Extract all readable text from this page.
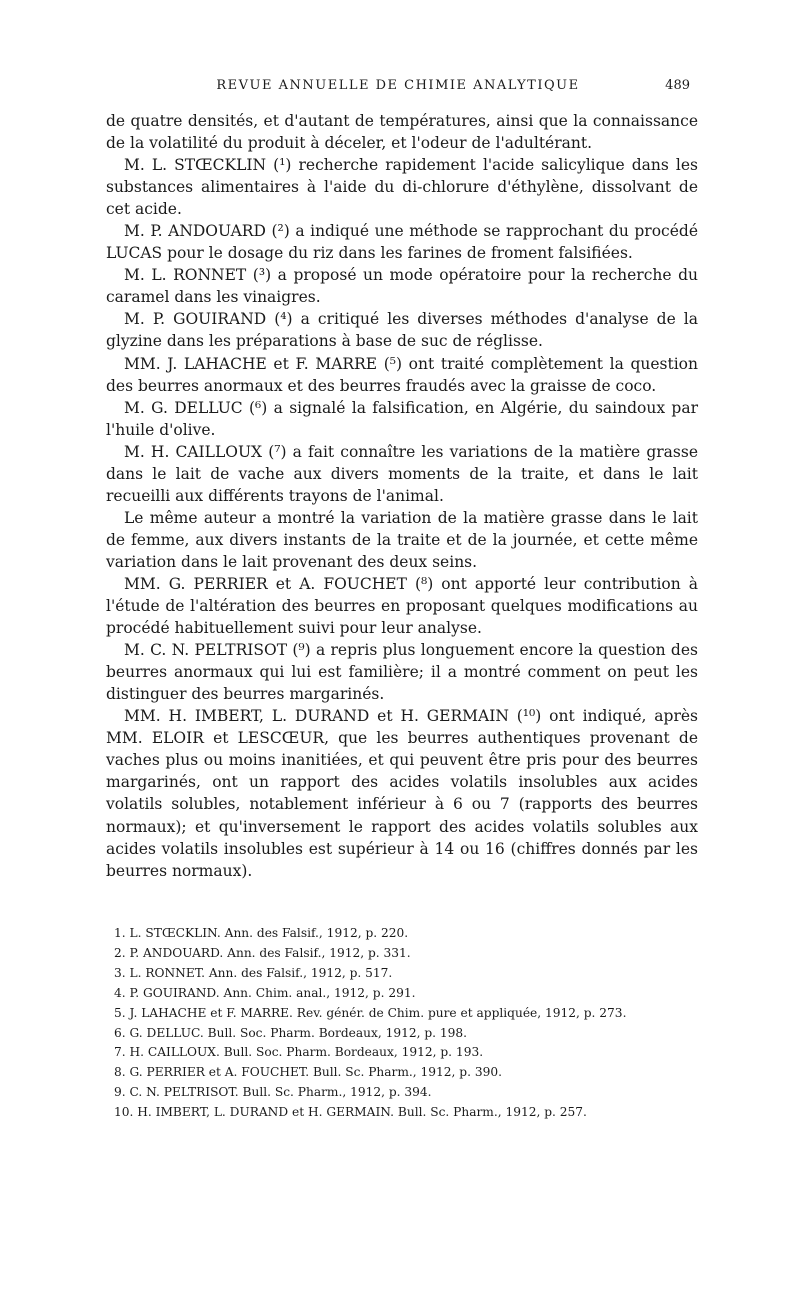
REVUE ANNUELLE DE CHIMIE ANALYTIQUE	489

de quatre densités, et d'autant de températures, ainsi que la connaissance de la volatilité du produit à déceler, et l'odeur de l'adultérant.

M. L. STŒCKLIN (¹) recherche rapidement l'acide salicylique dans les substances alimentaires à l'aide du di-chlorure d'éthylène, dissolvant de cet acide.

M. P. ANDOUARD (²) a indiqué une méthode se rapprochant du procédé LUCAS pour le dosage du riz dans les farines de froment falsifiées.

M. L. RONNET (³) a proposé un mode opératoire pour la recherche du caramel dans les vinaigres.

M. P. GOUIRAND (⁴) a critiqué les diverses méthodes d'analyse de la glyzine dans les préparations à base de suc de réglisse.

MM. J. LAHACHE et F. MARRE (⁵) ont traité complètement la question des beurres anormaux et des beurres fraudés avec la graisse de coco.

M. G. DELLUC (⁶) a signalé la falsification, en Algérie, du saindoux par l'huile d'olive.

M. H. CAILLOUX (⁷) a fait connaître les variations de la matière grasse dans le lait de vache aux divers moments de la traite, et dans le lait recueilli aux différents trayons de l'animal.

Le même auteur a montré la variation de la matière grasse dans le lait de femme, aux divers instants de la traite et de la journée, et cette même variation dans le lait provenant des deux seins.

MM. G. PERRIER et A. FOUCHET (⁸) ont apporté leur contribution à l'étude de l'altération des beurres en proposant quelques modifications au procédé habituellement suivi pour leur analyse.

M. C. N. PELTRISOT (⁹) a repris plus longuement encore la question des beurres anormaux qui lui est familière; il a montré comment on peut les distinguer des beurres margarinés.

MM. H. IMBERT, L. DURAND et H. GERMAIN (¹⁰) ont indiqué, après MM. ELOIR et LESCŒUR, que les beurres authentiques provenant de vaches plus ou moins inanitiées, et qui peuvent être pris pour des beurres margarinés, ont un rapport des acides volatils insolubles aux acides volatils solubles, notablement inférieur à 6 ou 7 (rapports des beurres normaux); et qu'inversement le rapport des acides volatils solubles aux acides volatils insolubles est supérieur à 14 ou 16 (chiffres donnés par les beurres normaux).

1. L. STŒCKLIN. Ann. des Falsif., 1912, p. 220.
2. P. ANDOUARD. Ann. des Falsif., 1912, p. 331.
3. L. RONNET. Ann. des Falsif., 1912, p. 517.
4. P. GOUIRAND. Ann. Chim. anal., 1912, p. 291.
5. J. LAHACHE et F. MARRE. Rev. génér. de Chim. pure et appliquée, 1912, p. 273.
6. G. DELLUC. Bull. Soc. Pharm. Bordeaux, 1912, p. 198.
7. H. CAILLOUX. Bull. Soc. Pharm. Bordeaux, 1912, p. 193.
8. G. PERRIER et A. FOUCHET. Bull. Sc. Pharm., 1912, p. 390.
9. C. N. PELTRISOT. Bull. Sc. Pharm., 1912, p. 394.
10. H. IMBERT, L. DURAND et H. GERMAIN. Bull. Sc. Pharm., 1912, p. 257.
